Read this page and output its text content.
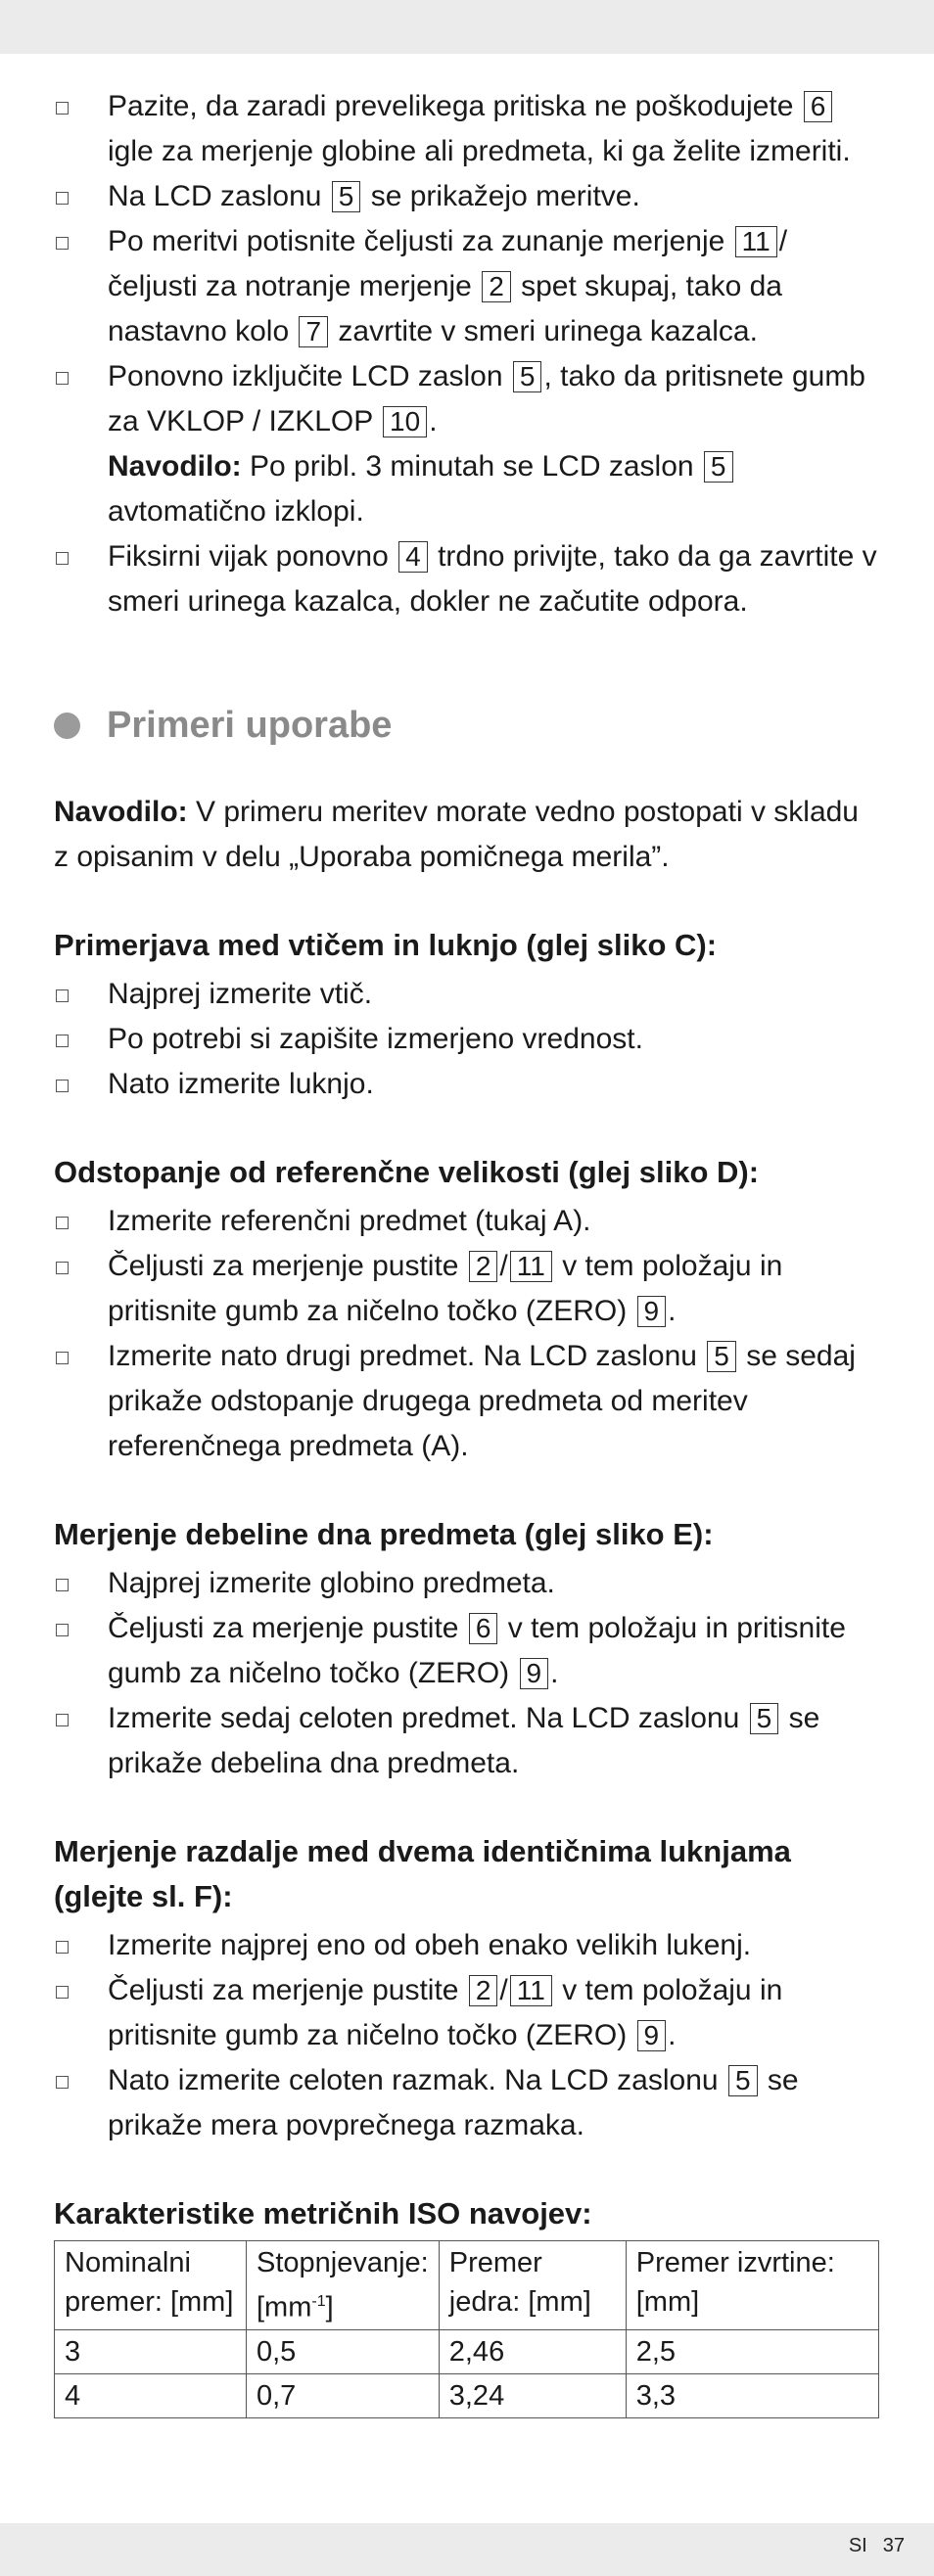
Pazite, da zaradi prevelikega pritiska ne poškodujete 6
igle za merjenje globine ali predmeta, ki ga želite izmeriti.
Na LCD zaslonu 5 se prikažejo meritve.
Po meritvi potisnite čeljusti za zunanje merjenje 11 / čeljusti za notranje merjenje 2 spet skupaj, tako da nastavno kolo 7 zavrtite v smeri urinega kazalca.
Ponovno izključite LCD zaslon 5 , tako da pritisnete gumb za VKLOP / IZKLOP 10 .
Navodilo: Po pribl. 3 minutah se LCD zaslon 5
avtomatično izklopi.
Fiksirni vijak ponovno 4 trdno privijte, tako da ga zavrtite v smeri urinega kazalca, dokler ne začutite odpora.
Primeri uporabe
Navodilo: V primeru meritev morate vedno postopati v skladu z opisanim v delu „Uporaba pomičnega merila”.
Primerjava med vtičem in luknjo (glej sliko C):
Najprej izmerite vtič.
Po potrebi si zapišite izmerjeno vrednost.
Nato izmerite luknjo.
Odstopanje od referenčne velikosti (glej sliko D):
Izmerite referenčni predmet (tukaj A).
Čeljusti za merjenje pustite 2 / 11 v tem položaju in pritisnite gumb za ničelno točko (ZERO) 9 .
Izmerite nato drugi predmet. Na LCD zaslonu 5 se sedaj prikaže odstopanje drugega predmeta od meritev referenčnega predmeta (A).
Merjenje debeline dna predmeta (glej sliko E):
Najprej izmerite globino predmeta.
Čeljusti za merjenje pustite 6 v tem položaju in pritisnite gumb za ničelno točko (ZERO) 9 .
Izmerite sedaj celoten predmet. Na LCD zaslonu 5 se prikaže debelina dna predmeta.
Merjenje razdalje med dvema identičnima luknjama (glejte sl. F):
Izmerite najprej eno od obeh enako velikih lukenj.
Čeljusti za merjenje pustite 2 / 11 v tem položaju in pritisnite gumb za ničelno točko (ZERO) 9 .
Nato izmerite celoten razmak. Na LCD zaslonu 5 se prikaže mera povprečnega razmaka.
Karakteristike metričnih ISO navojev:
Nominalni premer: [mm]	Stopnjevanje: $[mm^{-1}]$	Premer jedra: [mm]	Premer izvrtine: [mm]
3	0,5	2,46	2,5
4	0,7	3,24	3,3
SI 37
